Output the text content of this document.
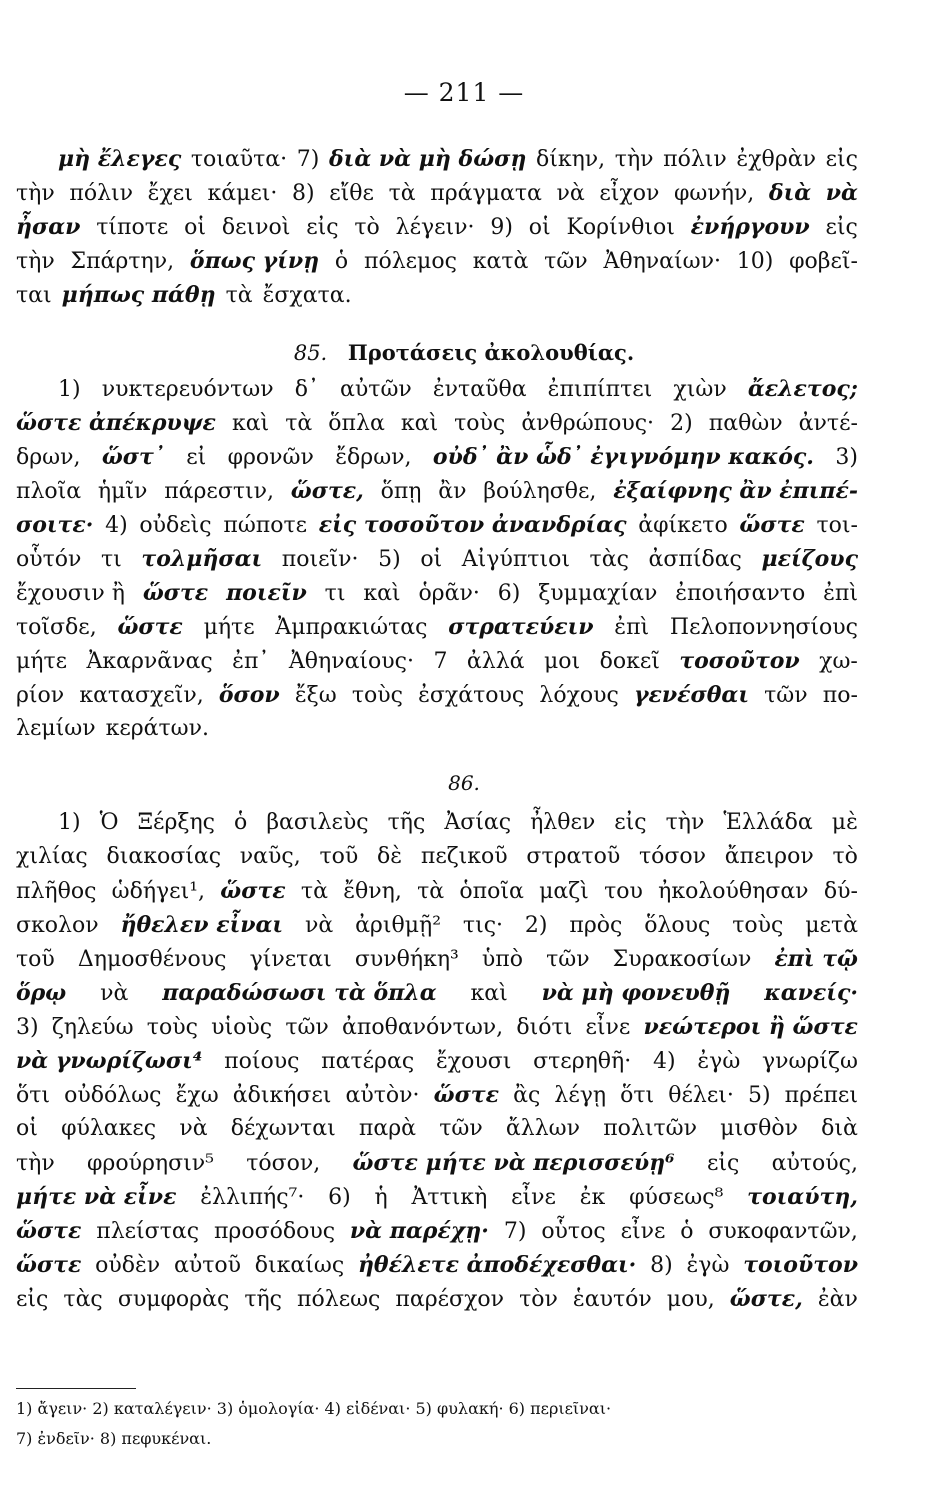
— 211 —
μὴ ἔλεγες τοιαῦτα· 7) διὰ νὰ μὴ δώσῃ δίκην, τὴν πόλιν ἐχθρὰν εἰς
τὴν πόλιν ἔχει κάμει· 8) εἴθε τὰ πράγματα νὰ εἶχον φωνήν, διὰ νὰ
ἦσαν τίποτε οἱ δεινοὶ εἰς τὸ λέγειν· 9) οἱ Κορίνθιοι ἐνήργουν εἰς
τὴν Σπάρτην, ὅπως γίνῃ ὁ πόλεμος κατὰ τῶν Ἀθηναίων· 10) φοβεῖ-
ται μήπως πάθῃ τὰ ἔσχατα.
85. Προτάσεις ἀκολουθίας.
1) νυκτερευόντων δ᾿ αὐτῶν ἐνταῦθα ἐπιπίπτει χιὼν ἄελετος;
ὥστε ἀπέκρυψε καὶ τὰ ὅπλα καὶ τοὺς ἀνθρώπους· 2) παθὼν ἀντέ-
δρων, ὥστ᾿ εἰ φρονῶν ἔδρων, οὐδ᾿ ἂν ὧδ᾿ ἐγιγνόμην κακός. 3)
πλοῖα ἡμῖν πάρεστιν, ὥστε, ὅπῃ ἂν βούλησθε, ἐξαίφνης ἂν ἐπιπέ-
σοιτε· 4) οὐδεὶς πώποτε εἰς τοσοῦτον ἀνανδρίας ἀφίκετο ὥστε τοι-
οὗτόν τι τολμῆσαι ποιεῖν· 5) οἱ Αἰγύπτιοι τὰς ἀσπίδας μείζους
ἔχουσιν ἢ ὥστε ποιεῖν τι καὶ ὁρᾶν· 6) ξυμμαχίαν ἐποιήσαντο ἐπὶ
τοῖσδε, ὥστε μήτε Ἀμπρακιώτας στρατεύειν ἐπὶ Πελοποννησίους
μήτε Ἀκαρνᾶνας ἐπ᾿ Ἀθηναίους· 7 ἀλλά μοι δοκεῖ τοσοῦτον χω-
ρίον κατασχεῖν, ὅσον ἔξω τοὺς ἐσχάτους λόχους γενέσθαι τῶν πο-
λεμίων κεράτων.
86.
1) Ὁ Ξέρξης ὁ βασιλεὺς τῆς Ἀσίας ἦλθεν εἰς τὴν Ἑλλάδα μὲ
χιλίας διακοσίας ναῦς, τοῦ δὲ πεζικοῦ στρατοῦ τόσον ἄπειρον τὸ
πλῆθος ὡδήγει¹, ὥστε τὰ ἔθνη, τὰ ὁποῖα μαζὶ του ἠκολούθησαν δύ-
σκολον ἤθελεν εἶναι νὰ ἀριθμῇ² τις· 2) πρὸς ὅλους τοὺς μετὰ
τοῦ Δημοσθένους γίνεται συνθήκη³ ὑπὸ τῶν Συρακοσίων ἐπὶ τῷ
ὅρῳ νὰ παραδώσωσι τὰ ὅπλα καὶ νὰ μὴ φονευθῇ κανείς·
3) ζηλεύω τοὺς υἱοὺς τῶν ἀποθανόντων, διότι εἶνε νεώτεροι ἢ ὥστε
νὰ γνωρίζωσι⁴ ποίους πατέρας ἔχουσι στερηθῆ· 4) ἐγὼ γνωρίζω
ὅτι οὐδόλως ἔχω ἀδικήσει αὐτὸν· ὥστε ἂς λέγῃ ὅτι θέλει· 5) πρέπει
οἱ φύλακες νὰ δέχωνται παρὰ τῶν ἄλλων πολιτῶν μισθὸν διὰ
τὴν φρούρησιν⁵ τόσον, ὥστε μήτε νὰ περισσεύῃ⁶ εἰς αὐτούς,
μήτε νὰ εἶνε ἐλλιπής⁷· 6) ἡ Ἀττικὴ εἶνε ἐκ φύσεως⁸ τοιαύτη,
ὥστε πλείστας προσόδους νὰ παρέχῃ· 7) οὗτος εἶνε ὁ συκοφαντῶν,
ὥστε οὐδὲν αὐτοῦ δικαίως ἠθέλετε ἀποδέχεσθαι· 8) ἐγὼ τοιοῦτον
εἰς τὰς συμφορὰς τῆς πόλεως παρέσχον τὸν ἑαυτόν μου, ὥστε, ἐὰν
1) ἄγειν· 2) καταλέγειν· 3) ὁμολογία· 4) εἰδέναι· 5) φυλακή· 6) περιεῖναι·
7) ἐνδεῖν· 8) πεφυκέναι.
